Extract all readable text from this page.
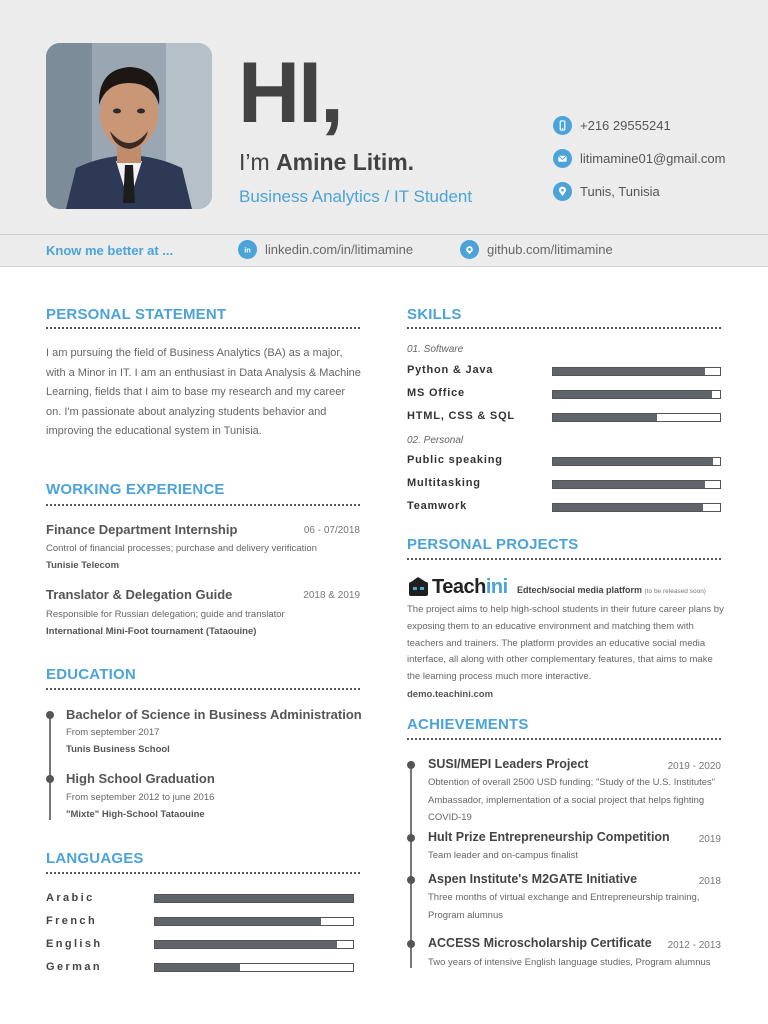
HI,
I’m Amine Litim.
Business Analytics / IT Student
+216 29555241
litimamine01@gmail.com
Tunis, Tunisia
Know me better at ...	in linkedin.com/in/litimamine	github.com/litimamine
PERSONAL STATEMENT
I am pursuing the field of Business Analytics (BA) as a major, with a Minor in IT. I am an enthusiast in Data Analysis & Machine Learning, fields that I aim to base my research and my career on. I'm passionate about analyzing students behavior and improving the educational system in Tunisia.
WORKING EXPERIENCE
Finance Department Internship	06 - 07/2018
Control of financial processes; purchase and delivery verification
Tunisie Telecom
Translator & Delegation Guide	2018 & 2019
Responsible for Russian delegation; guide and translator
International Mini-Foot tournament (Tataouine)
EDUCATION
Bachelor of Science in Business Administration
From september 2017
Tunis Business School
High School Graduation
From september 2012 to june 2016
"Mixte" High-School Tataouine
LANGUAGES
Arabic
French
English
German
SKILLS
01. Software
Python & Java
MS Office
HTML, CSS & SQL
02. Personal
Public speaking
Multitasking
Teamwork
PERSONAL PROJECTS
Teachini Edtech/social media platform (to be released soon)
The project aims to help high-school students in their future career plans by exposing them to an educative environment and matching them with teachers and trainers. The platform provides an educative social media interface, all along with other complementary features, that aims to make the learning process much more interactive.
demo.teachini.com
ACHIEVEMENTS
SUSI/MEPI Leaders Project	2019 - 2020
Obtention of overall 2500 USD funding; "Study of the U.S. Institutes" Ambassador, implementation of a social project that helps fighting COVID-19
Hult Prize Entrepreneurship Competition	2019
Team leader and on-campus finalist
Aspen Institute's M2GATE Initiative	2018
Three months of virtual exchange and Entrepreneurship training, Program alumnus
ACCESS Microscholarship Certificate 2012 - 2013
Two years of intensive English language studies, Program alumnus
